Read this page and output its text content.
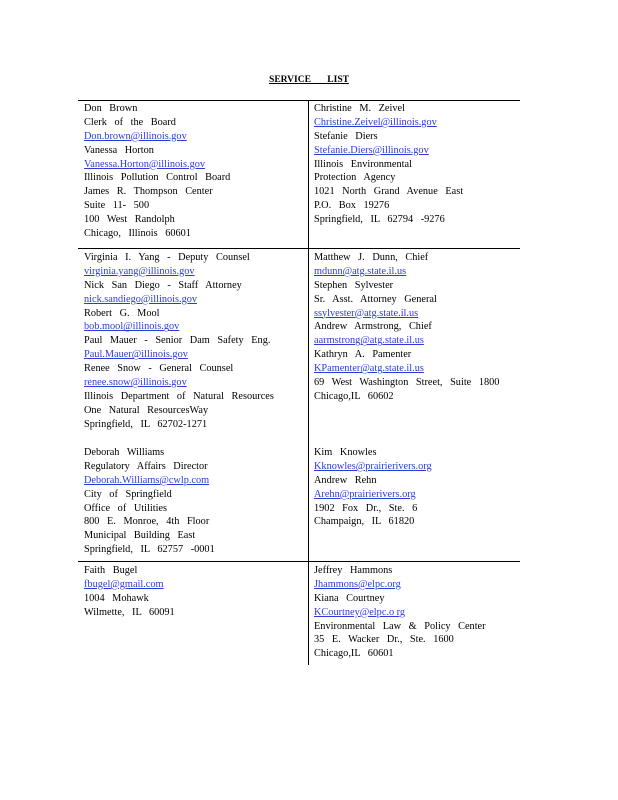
SERVICE LIST
Don Brown
Clerk of the Board
Don.brown@illinois.gov
Vanessa Horton
Vanessa.Horton@illinois.gov
Illinois Pollution Control Board
James R. Thompson Center
Suite 11- 500
100 West Randolph
Chicago, Illinois 60601
Christine M. Zeivel
Christine.Zeivel@illinois.gov
Stefanie Diers
Stefanie.Diers@illinois.gov
Illinois Environmental
Protection Agency
1021 North Grand Avenue East
P.O. Box 19276
Springfield, IL 62794 -9276
Virginia I. Yang - Deputy Counsel
virginia.yang@illinois.gov
Nick San Diego - Staff Attorney
nick.sandiego@illinois.gov
Robert G. Mool
bob.mool@illinois.gov
Paul Mauer - Senior Dam Safety Eng.
Paul.Mauer@illinois.gov
Renee Snow - General Counsel
renee.snow@illinois.gov
Illinois Department of Natural Resources
One Natural ResourcesWay
Springfield, IL 62702-1271
Matthew J. Dunn, Chief
mdunn@atg.state.il.us
Stephen Sylvester
Sr. Asst. Attorney General
ssylvester@atg.state.il.us
Andrew Armstrong, Chief
aarmstrong@atg.state.il.us
Kathryn A. Pamenter
KPamenter@atg.state.il.us
69 West Washington Street, Suite 1800
Chicago,IL 60602
Deborah Williams
Regulatory Affairs Director
Deborah.Williams@cwlp.com
City of Springfield
Office of Utilities
800 E. Monroe, 4th Floor
Municipal Building East
Springfield, IL 62757 -0001
Kim Knowles
Kknowles@prairierivers.org
Andrew Rehn
Arehn@prairierivers.org
1902 Fox Dr., Ste. 6
Champaign, IL 61820
Faith Bugel
fbugel@gmail.com
1004 Mohawk
Wilmette, IL 60091
Jeffrey Hammons
Jhammons@elpc.org
Kiana Courtney
KCourtney@elpc.o rg
Environmental Law & Policy Center
35 E. Wacker Dr., Ste. 1600
Chicago,IL 60601
